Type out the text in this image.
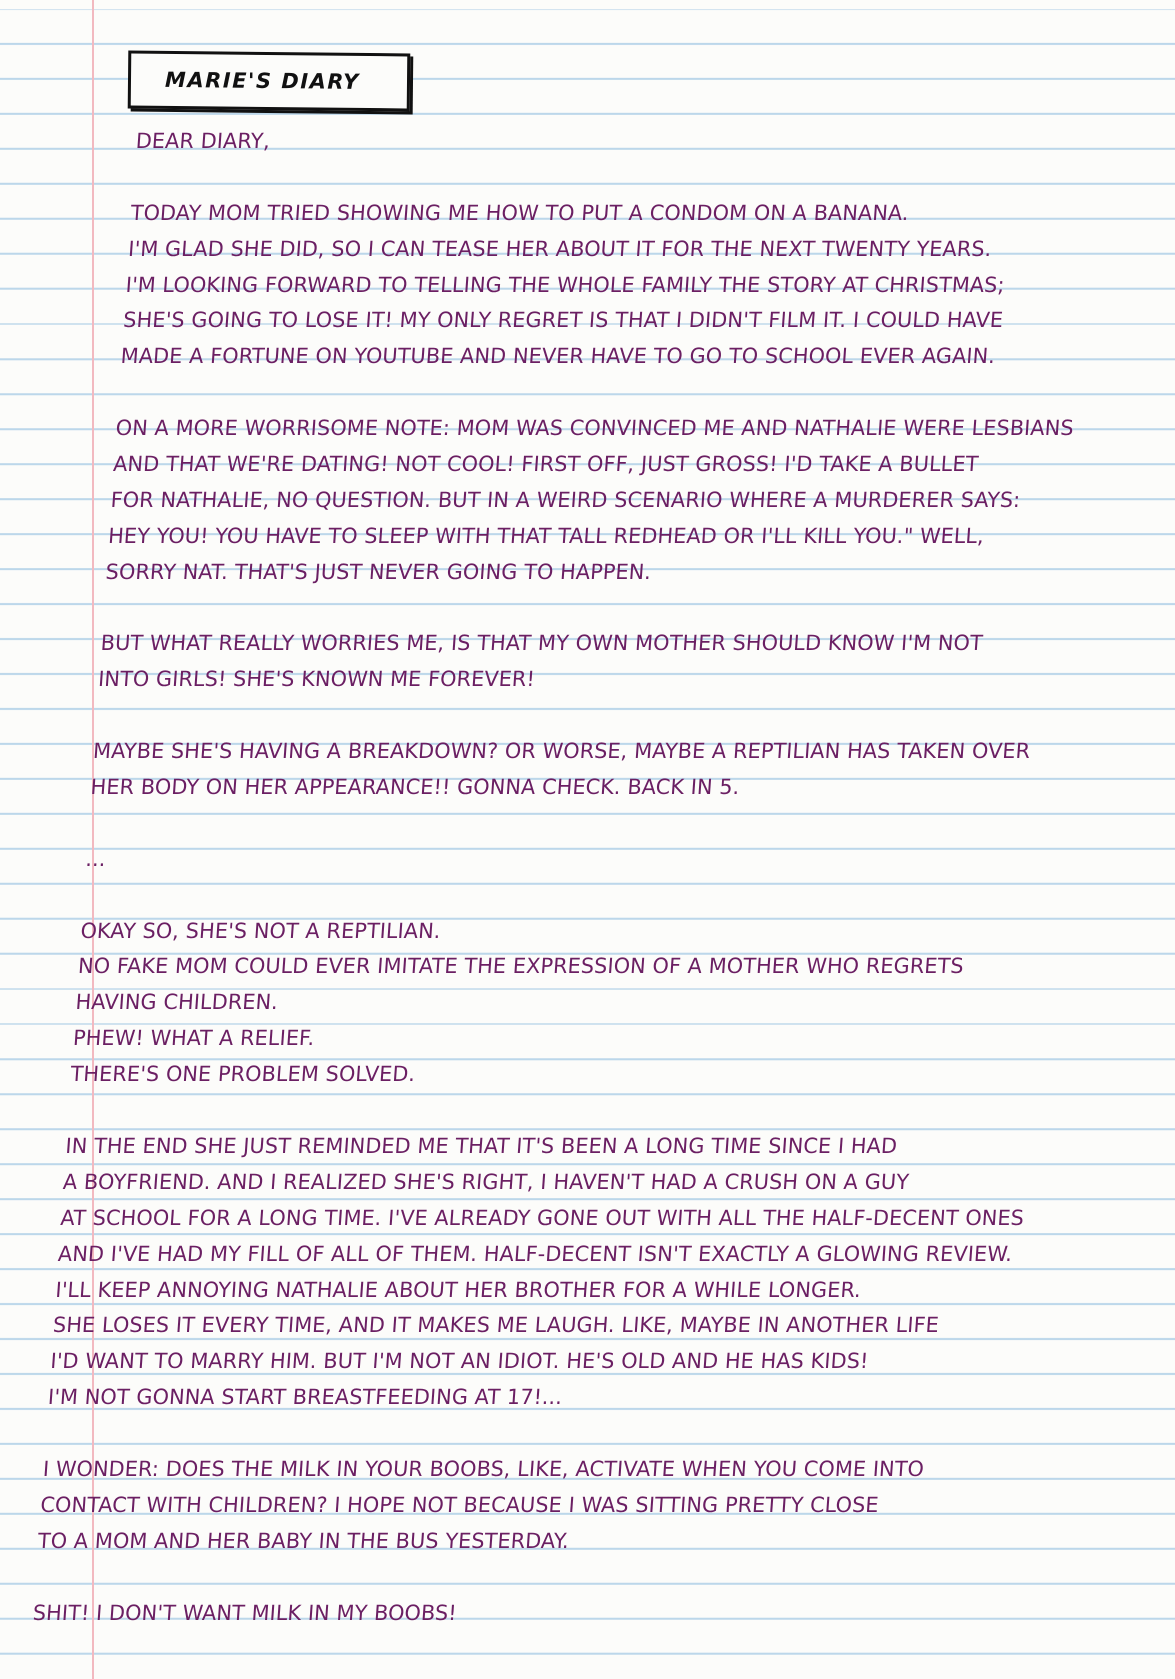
MARIE'S DIARY
DEAR DIARY,
TODAY MOM TRIED SHOWING ME HOW TO PUT A CONDOM ON A BANANA.
I'M GLAD SHE DID, SO I CAN TEASE HER ABOUT IT FOR THE NEXT TWENTY YEARS.
I'M LOOKING FORWARD TO TELLING THE WHOLE FAMILY THE STORY AT CHRISTMAS;
SHE'S GOING TO LOSE IT! MY ONLY REGRET IS THAT I DIDN'T FILM IT. I COULD HAVE
MADE A FORTUNE ON YOUTUBE AND NEVER HAVE TO GO TO SCHOOL EVER AGAIN.
ON A MORE WORRISOME NOTE: MOM WAS CONVINCED ME AND NATHALIE WERE LESBIANS
AND THAT WE'RE DATING! NOT COOL! FIRST OFF, JUST GROSS! I'D TAKE A BULLET
FOR NATHALIE, NO QUESTION. BUT IN A WEIRD SCENARIO WHERE A MURDERER SAYS:
HEY YOU! YOU HAVE TO SLEEP WITH THAT TALL REDHEAD OR I'LL KILL YOU." WELL,
SORRY NAT. THAT'S JUST NEVER GOING TO HAPPEN.
BUT WHAT REALLY WORRIES ME, IS THAT MY OWN MOTHER SHOULD KNOW I'M NOT
INTO GIRLS! SHE'S KNOWN ME FOREVER!
MAYBE SHE'S HAVING A BREAKDOWN? OR WORSE, MAYBE A REPTILIAN HAS TAKEN OVER
HER BODY ON HER APPEARANCE!! GONNA CHECK. BACK IN 5.
...
OKAY SO, SHE'S NOT A REPTILIAN.
NO FAKE MOM COULD EVER IMITATE THE EXPRESSION OF A MOTHER WHO REGRETS
HAVING CHILDREN.
PHEW! WHAT A RELIEF.
THERE'S ONE PROBLEM SOLVED.
IN THE END SHE JUST REMINDED ME THAT IT'S BEEN A LONG TIME SINCE I HAD
A BOYFRIEND. AND I REALIZED SHE'S RIGHT, I HAVEN'T HAD A CRUSH ON A GUY
AT SCHOOL FOR A LONG TIME. I'VE ALREADY GONE OUT WITH ALL THE HALF-DECENT ONES
AND I'VE HAD MY FILL OF ALL OF THEM. HALF-DECENT ISN'T EXACTLY A GLOWING REVIEW.
I'LL KEEP ANNOYING NATHALIE ABOUT HER BROTHER FOR A WHILE LONGER.
SHE LOSES IT EVERY TIME, AND IT MAKES ME LAUGH. LIKE, MAYBE IN ANOTHER LIFE
I'D WANT TO MARRY HIM. BUT I'M NOT AN IDIOT. HE'S OLD AND HE HAS KIDS!
I'M NOT GONNA START BREASTFEEDING AT 17!...
I WONDER: DOES THE MILK IN YOUR BOOBS, LIKE, ACTIVATE WHEN YOU COME INTO
CONTACT WITH CHILDREN? I HOPE NOT BECAUSE I WAS SITTING PRETTY CLOSE
TO A MOM AND HER BABY IN THE BUS YESTERDAY.
SHIT! I DON'T WANT MILK IN MY BOOBS!
